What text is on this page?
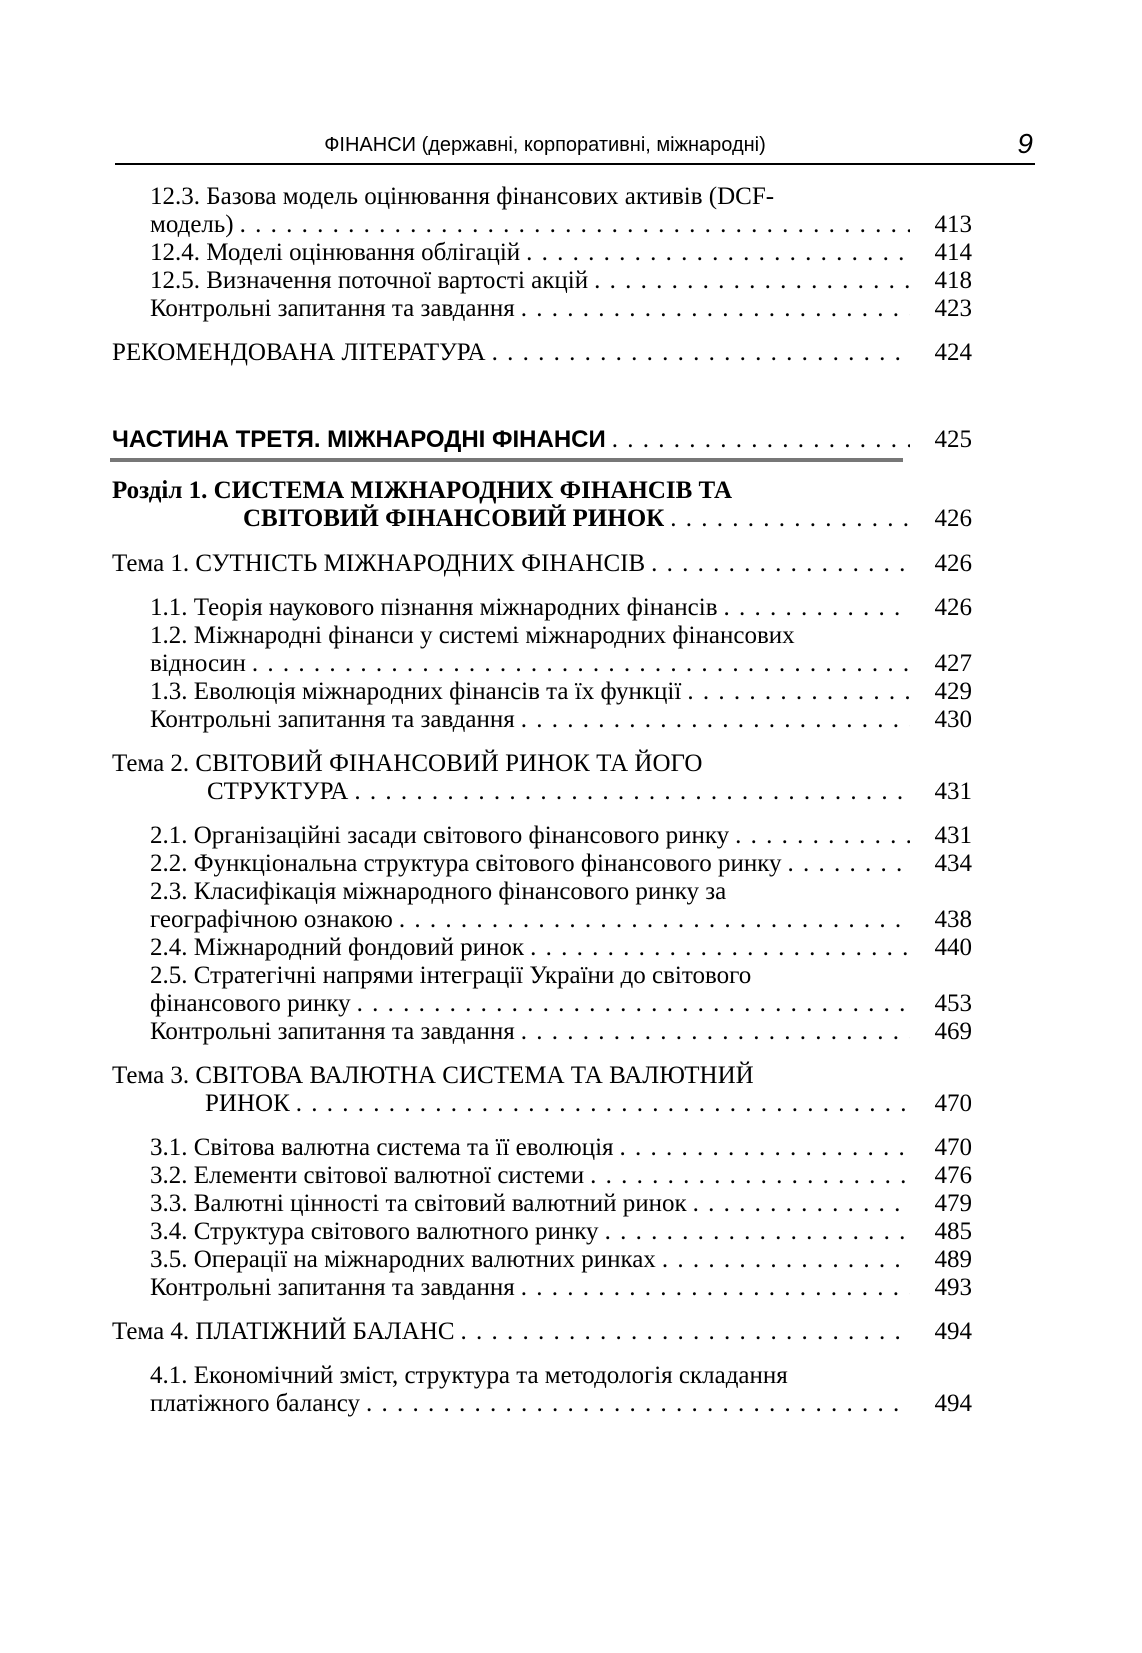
ФІНАНСИ (державні, корпоративні, міжнародні)	9
12.3. Базова модель оцінювання фінансових активів (DCF-
модель) . . .	413
12.4. Моделі оцінювання облігацій . . .	414
12.5. Визначення поточної вартості акцій . . .	418
Контрольні запитання та завдання . . .	423
РЕКОМЕНДОВАНА ЛІТЕРАТУРА . . .	424
ЧАСТИНА ТРЕТЯ. МІЖНАРОДНІ ФІНАНСИ . . .	425
Розділ 1. СИСТЕМА МІЖНАРОДНИХ ФІНАНСІВ ТА
СВІТОВИЙ ФІНАНСОВИЙ РИНОК . . .	426
Тема 1. СУТНІСТЬ МІЖНАРОДНИХ ФІНАНСІВ . . .	426
1.1. Теорія наукового пізнання міжнародних фінансів . . .	426
1.2. Міжнародні фінанси у системі міжнародних фінансових
відносин . . .	427
1.3. Еволюція міжнародних фінансів та їх функції . . .	429
Контрольні запитання та завдання . . .	430
Тема 2. СВІТОВИЙ ФІНАНСОВИЙ РИНОК ТА ЙОГО
СТРУКТУРА . . .	431
2.1. Організаційні засади світового фінансового ринку . . .	431
2.2. Функціональна структура світового фінансового ринку . . .	434
2.3. Класифікація міжнародного фінансового ринку за
географічною ознакою . . .	438
2.4. Міжнародний фондовий ринок . . .	440
2.5. Стратегічні напрями інтеграції України до світового
фінансового ринку . . .	453
Контрольні запитання та завдання . . .	469
Тема 3. СВІТОВА ВАЛЮТНА СИСТЕМА ТА ВАЛЮТНИЙ
РИНОК . . .	470
3.1. Світова валютна система та її еволюція . . .	470
3.2. Елементи світової валютної системи . . .	476
3.3. Валютні цінності та світовий валютний ринок . . .	479
3.4. Структура світового валютного ринку . . .	485
3.5. Операції на міжнародних валютних ринках . . .	489
Контрольні запитання та завдання . . .	493
Тема 4. ПЛАТІЖНИЙ БАЛАНС . . .	494
4.1. Економічний зміст, структура та методологія складання
платіжного балансу . . .	494
